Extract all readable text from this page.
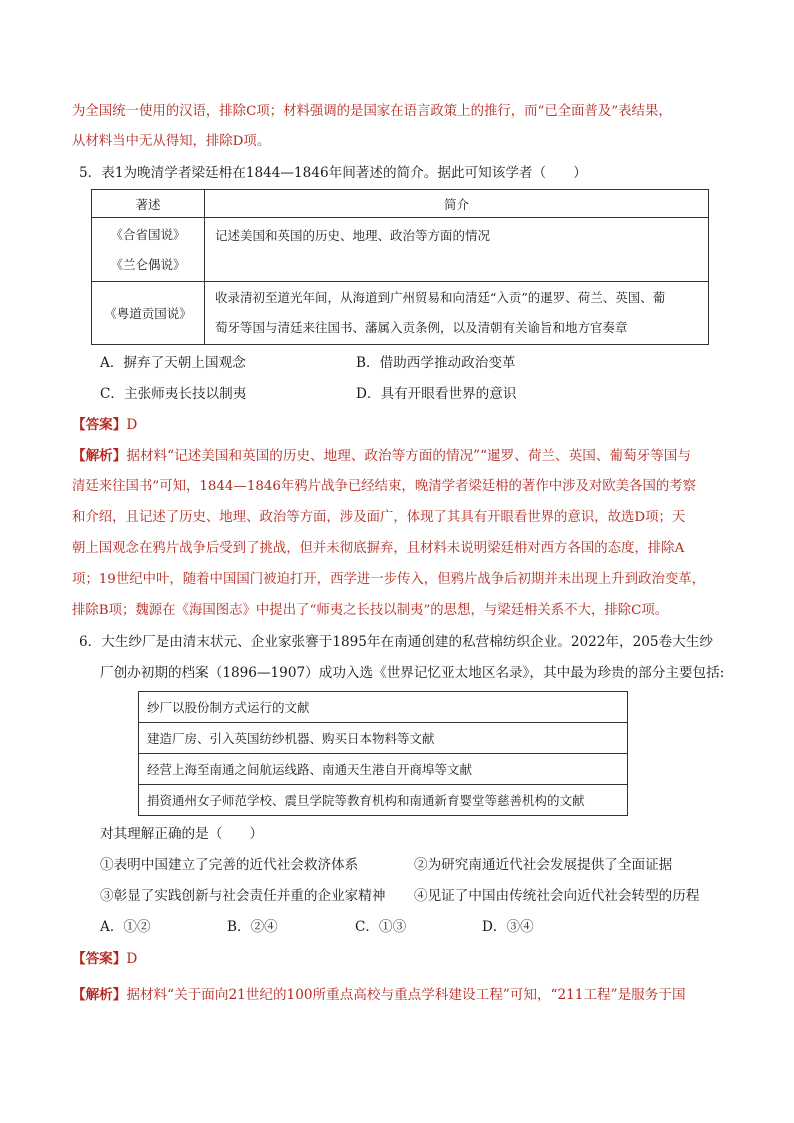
为全国统一使用的汉语，排除C项；材料强调的是国家在语言政策上的推行，而“已全面普及”表结果，
从材料当中无从得知，排除D项。
5．表1为晚清学者梁廷枏在1844—1846年间著述的简介。据此可知该学者（　　）
著述	简介

《合省国说》
《兰仑偶说》	记述美国和英国的历史、地理、政治等方面的情况
《粤道贡国说》	收录清初至道光年间，从海道到广州贸易和向清廷“入贡”的暹罗、荷兰、英国、葡
萄牙等国与清廷来往国书、藩属入贡条例，以及清朝有关谕旨和地方官奏章
A．摒弃了天朝上国观念	B．借助西学推动政治变革
C．主张师夷长技以制夷	D．具有开眼看世界的意识
【答案】D
【解析】据材料“记述美国和英国的历史、地理、政治等方面的情况”“暹罗、荷兰、英国、葡萄牙等国与
清廷来往国书”可知，1844—1846年鸦片战争已经结束，晚清学者梁廷枏的著作中涉及对欧美各国的考察
和介绍，且记述了历史、地理、政治等方面，涉及面广，体现了其具有开眼看世界的意识，故选D项；天
朝上国观念在鸦片战争后受到了挑战，但并未彻底摒弃，且材料未说明梁廷枏对西方各国的态度，排除A
项；19世纪中叶，随着中国国门被迫打开，西学进一步传入，但鸦片战争后初期并未出现上升到政治变革，
排除B项；魏源在《海国图志》中提出了“师夷之长技以制夷”的思想，与梁廷枏关系不大，排除C项。
6．大生纱厂是由清末状元、企业家张謇于1895年在南通创建的私营棉纺织企业。2022年，205卷大生纱
厂创办初期的档案（1896—1907）成功入选《世界记忆亚太地区名录》，其中最为珍贵的部分主要包括:
纱厂以股份制方式运行的文献
建造厂房、引入英国纺纱机器、购买日本物料等文献
经营上海至南通之间航运线路、南通天生港自开商埠等文献
捐资通州女子师范学校、震旦学院等教育机构和南通新育婴堂等慈善机构的文献
对其理解正确的是（　　）
①表明中国建立了完善的近代社会救济体系	②为研究南通近代社会发展提供了全面证据
③彰显了实践创新与社会责任并重的企业家精神 ④见证了中国由传统社会向近代社会转型的历程
A．①②	B．②④	C．①③	D．③④
【答案】D
【解析】据材料“关于面向21世纪的100所重点高校与重点学科建设工程”可知，“211工程”是服务于国
